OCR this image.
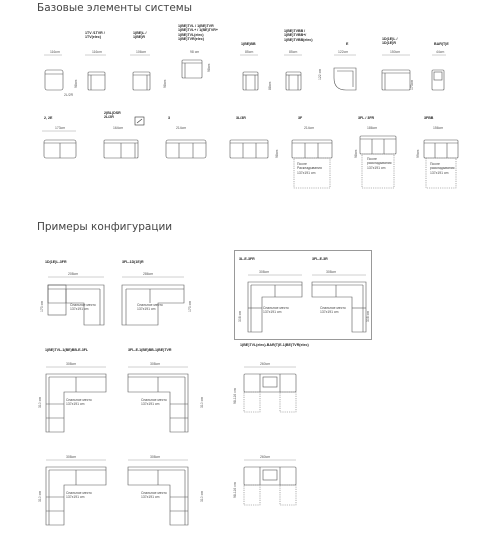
Базовые элементы системы
Примеры конфигурации
1TV /1TVR /
1TV(elec)
1(BE)L /
1(BE)R
1(BE)TVL / 1(BE)TVR
1(BE)TVL+ / 1(BE)TVR+
1(BE)TVL(elec)
1(BE)TVR(elec)
1(BE)BB
1(BE)TVBB /
1(BE)TVBB+/
1(BE)TVBB(elec)
E
1D(1E)L /
1D(1E)R	BAR(T)E
116cm	116cm	106cm	98 cm	85cm	85cm	122cm	150cm	44cm
98cm	98cm
98cm
88cm
122 cm
173cm
2L/2R
2, 2E
2(BL)DSR
2L/2R	3	3L/3R	3F	3FL / 3FR	3FBB
173cm	164cm	214cm	214cm	186cm	156cm
98cm	98cm	99cm
После
Раскладывания
137x191 cm
После
раскладывания
137x191 cm
После
раскладывания
137x191 cm
1D(1E)L-3FR	3FL-1D(1E)R
3L-E-3FR	3FL-E-3R
1(BE)TVL-1(BE)BB-E-3FL	3FL-E-1(BE)BB-1(BE)TVR
1(BE)TVL(elec)-BAR(T)E-1(BE)TVR(elec)
208cm	286cm	308cm	308cm
308cm	308cm	260cm
308cm	308cm	260cm
173 cm	173 cm
308 cm	308 cm
310 cm	310 cm	98-116 cm
310 cm	310 cm	98-116 cm
Спальное место
137x191 cm
Спальное место
137x191 cm	Спальное место
137x191 cm
Спальное место
137x191 cm
Спальное место
137x191 cm
Спальное место
137x191 cm
Спальное место
137x191 cm
Спальное место
137x191 cm
